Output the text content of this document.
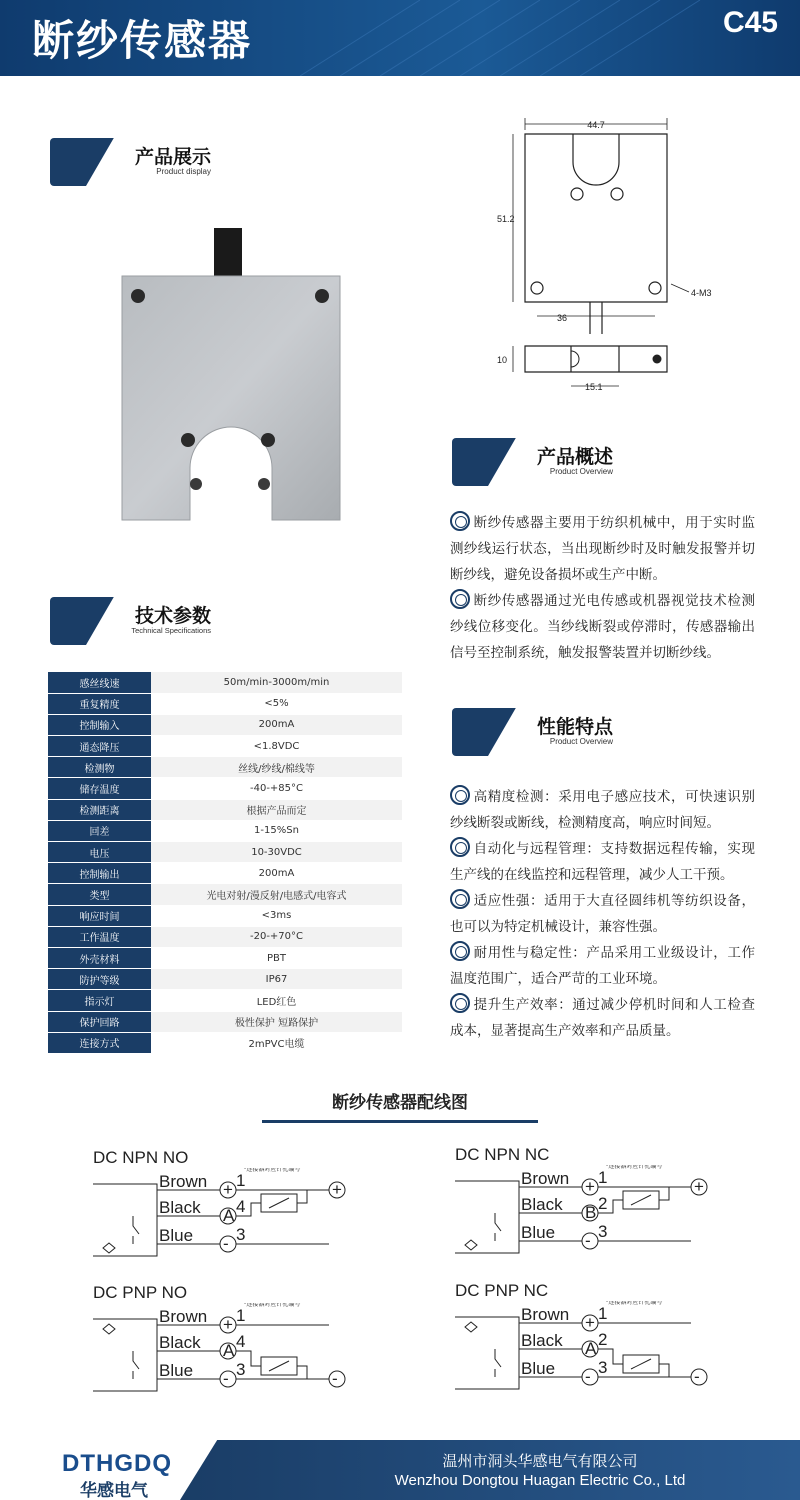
断纱传感器	C45
产品展示
Product display
44.7
51.2
4-M3
36
10
15.1
产品概述
Product Overview

断纱传感器主要用于纺织机械中，用于实时监测纱线运行状态，当出现断纱时及时触发报警并切断纱线，避免设备损坏或生产中断。

断纱传感器通过光电传感或机器视觉技术检测纱线位移变化。当纱线断裂或停滞时，传感器输出信号至控制系统，触发报警装置并切断纱线。

技术参数
Technical Specifications
感丝线速	50m/min-3000m/min
重复精度	<5%
控制输入	200mA
通态降压	<1.8VDC
检测物	丝线/纱线/棉线等
储存温度	-40-+85°C
检测距离	根据产品而定
回差	1-15%Sn
电压	10-30VDC
控制输出	200mA
类型	光电对射/漫反射/电感式/电容式
响应时间	<3ms
工作温度	-20-+70°C
外壳材料	PBT
防护等级	IP67
指示灯	LED红色
保护回路	极性保护 短路保护
连接方式	2mPVC电缆
性能特点
Product Overview

高精度检测：采用电子感应技术，可快速识别纱线断裂或断线，检测精度高，响应时间短。

自动化与远程管理：支持数据远程传输，实现生产线的在线监控和远程管理，减少人工干预。

适应性强：适用于大直径圆纬机等纺织设备，也可以为特定机械设计，兼容性强。

耐用性与稳定性：产品采用工业级设计，工作温度范围广，适合严苛的工业环境。

提升生产效率：通过减少停机时间和人工检查成本，显著提高生产效率和产品质量。

断纱传感器配线图
DC NPN NO
Brown
Black
Blue
+ 1
A 4
- 3
*连接器对应针孔编号
+
DC NPN NC
Brown
Black
Blue
+ 1
B 2
- 3
*连接器对应针孔编号
+
DC PNP NO
Brown
Black
Blue
+ 1
A 4
- 3
*连接器对应针孔编号
-
DC PNP NC
Brown
Black
Blue
+ 1
A 2
- 3
*连接器对应针孔编号
-
DTHGDQ
华感电气
温州市洞头华感电气有限公司
Wenzhou Dongtou Huagan Electric Co., Ltd
